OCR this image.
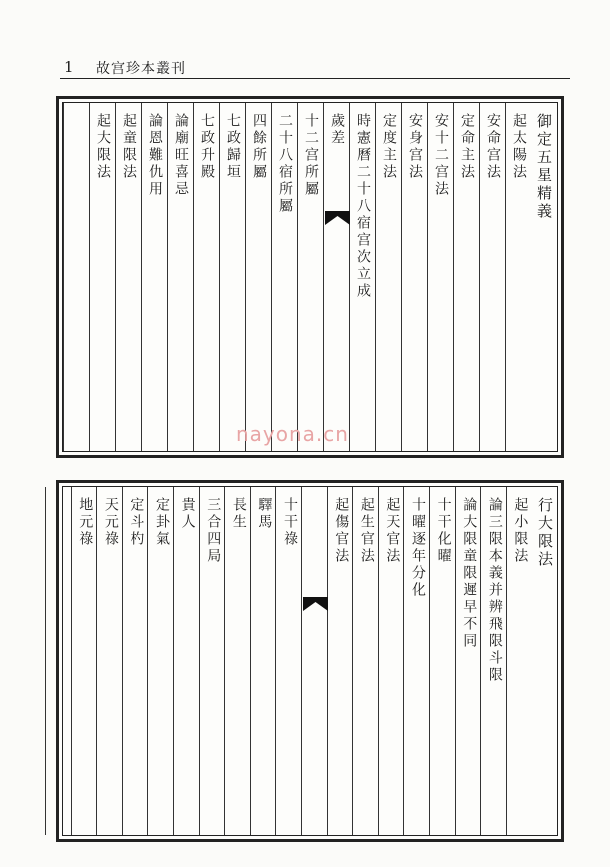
1 故宫珍本叢刊
御定五星精義
起太陽法
安命宫法
定命主法
安十二宫法
安身宫法
定度主法
時憲曆二十八宿宫次立成
歲差
十二宫所屬
二十八宿所屬
四餘所屬
七政歸垣
七政升殿
論廟旺喜忌
論恩難仇用
起童限法
起大限法
行大限法
起小限法
論三限本義并辨飛限斗限
論大限童限遲早不同
十干化曜
十曜逐年分化
起天官法
起生官法
起傷官法
十干祿
驛馬
長生
三合四局
貴人
定卦氣
定斗杓
天元祿
地元祿
nayona.cn
